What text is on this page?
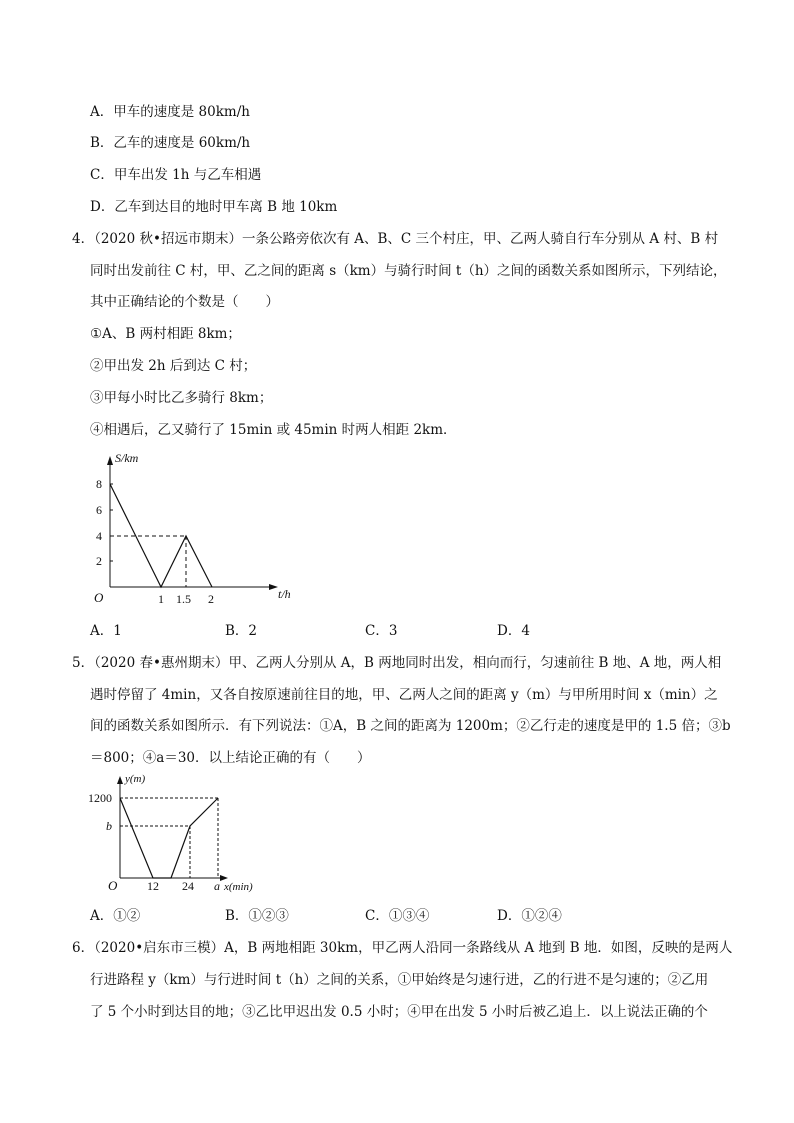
A．甲车的速度是 80km/h
B．乙车的速度是 60km/h
C．甲车出发 1h 与乙车相遇
D．乙车到达目的地时甲车离 B 地 10km
4．（2020 秋•招远市期末）一条公路旁依次有 A、B、C 三个村庄，甲、乙两人骑自行车分别从 A 村、B 村
同时出发前往 C 村，甲、乙之间的距离 s（km）与骑行时间 t（h）之间的函数关系如图所示，下列结论，
其中正确结论的个数是（　　）
①A、B 两村相距 8km；
②甲出发 2h 后到达 C 村；
③甲每小时比乙多骑行 8km；
④相遇后，乙又骑行了 15min 或 45min 时两人相距 2km．
S/km
t/h
O
8
6
4
2
1 1.5 2
A．1	B．2	C．3	D．4
5．（2020 春•惠州期末）甲、乙两人分别从 A，B 两地同时出发，相向而行，匀速前往 B 地、A 地，两人相
遇时停留了 4min，又各自按原速前往目的地，甲、乙两人之间的距离 y（m）与甲所用时间 x（min）之
间的函数关系如图所示．有下列说法：①A，B 之间的距离为 1200m；②乙行走的速度是甲的 1.5 倍；③b
＝800；④a＝30．以上结论正确的有（　　）
y(m)
1200
b
O 12 24 a x(min)
A．①②	B．①②③	C．①③④	D．①②④
6．（2020•启东市三模）A，B 两地相距 30km，甲乙两人沿同一条路线从 A 地到 B 地．如图，反映的是两人
行进路程 y（km）与行进时间 t（h）之间的关系，①甲始终是匀速行进，乙的行进不是匀速的；②乙用
了 5 个小时到达目的地；③乙比甲迟出发 0.5 小时；④甲在出发 5 小时后被乙追上．以上说法正确的个
